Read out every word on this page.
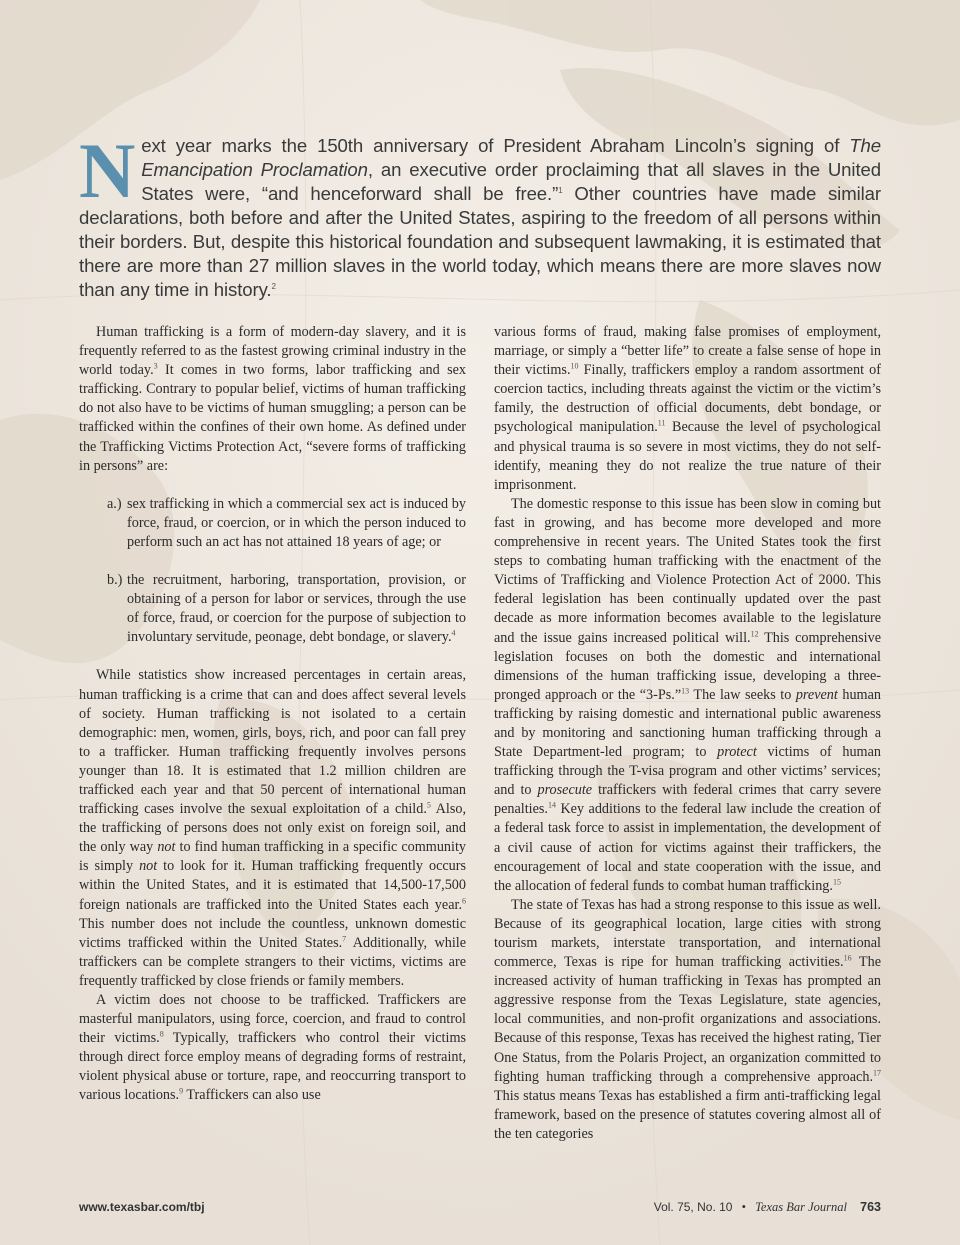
Next year marks the 150th anniversary of President Abraham Lincoln’s signing of The Emancipation Proclamation, an executive order proclaiming that all slaves in the United States were, “and henceforward shall be free.”$^1$ Other countries have made similar declarations, both before and after the United States, aspiring to the freedom of all persons within their borders. But, despite this historical foundation and subsequent lawmaking, it is estimated that there are more than 27 million slaves in the world today, which means there are more slaves now than any time in history.$^2$

Human trafficking is a form of modern-day slavery, and it is frequently referred to as the fastest growing criminal industry in the world today.$^3$ It comes in two forms, labor trafficking and sex trafficking. Contrary to popular belief, victims of human trafficking do not also have to be victims of human smuggling; a person can be trafficked within the confines of their own home. As defined under the Trafficking Victims Protection Act, “severe forms of trafficking in persons” are:

a.) sex trafficking in which a commercial sex act is induced by force, fraud, or coercion, or in which the person induced to perform such an act has not attained 18 years of age; or
b.) the recruitment, harboring, transportation, provision, or obtaining of a person for labor or services, through the use of force, fraud, or coercion for the purpose of subjection to involuntary servitude, peonage, debt bondage, or slavery.$^4$

While statistics show increased percentages in certain areas, human trafficking is a crime that can and does affect several levels of society. Human trafficking is not isolated to a certain demographic: men, women, girls, boys, rich, and poor can fall prey to a trafficker. Human trafficking frequently involves persons younger than 18. It is estimated that 1.2 million children are trafficked each year and that 50 percent of international human trafficking cases involve the sexual exploitation of a child.$^5$ Also, the trafficking of persons does not only exist on foreign soil, and the only way not to find human trafficking in a specific community is simply not to look for it. Human trafficking frequently occurs within the United States, and it is estimated that 14,500-17,500 foreign nationals are trafficked into the United States each year.$^6$ This number does not include the countless, unknown domestic victims trafficked within the United States.$^7$ Additionally, while traffickers can be complete strangers to their victims, victims are frequently trafficked by close friends or family members.

A victim does not choose to be trafficked. Traffickers are masterful manipulators, using force, coercion, and fraud to control their victims.$^8$ Typically, traffickers who control their victims through direct force employ means of degrading forms of restraint, violent physical abuse or torture, rape, and reoccurring transport to various locations.$^9$ Traffickers can also use

various forms of fraud, making false promises of employment, marriage, or simply a “better life” to create a false sense of hope in their victims.$^{10}$ Finally, traffickers employ a random assortment of coercion tactics, including threats against the victim or the victim’s family, the destruction of official documents, debt bondage, or psychological manipulation.$^{11}$ Because the level of psychological and physical trauma is so severe in most victims, they do not self-identify, meaning they do not realize the true nature of their imprisonment.

The domestic response to this issue has been slow in coming but fast in growing, and has become more developed and more comprehensive in recent years. The United States took the first steps to combating human trafficking with the enactment of the Victims of Trafficking and Violence Protection Act of 2000. This federal legislation has been continually updated over the past decade as more information becomes available to the legislature and the issue gains increased political will.$^{12}$ This comprehensive legislation focuses on both the domestic and international dimensions of the human trafficking issue, developing a three-pronged approach or the “3-Ps.”$^{13}$ The law seeks to prevent human trafficking by raising domestic and international public awareness and by monitoring and sanctioning human trafficking through a State Department-led program; to protect victims of human trafficking through the T-visa program and other victims’ services; and to prosecute traffickers with federal crimes that carry severe penalties.$^{14}$ Key additions to the federal law include the creation of a federal task force to assist in implementation, the development of a civil cause of action for victims against their traffickers, the encouragement of local and state cooperation with the issue, and the allocation of federal funds to combat human trafficking.$^{15}$

The state of Texas has had a strong response to this issue as well. Because of its geographical location, large cities with strong tourism markets, interstate transportation, and international commerce, Texas is ripe for human trafficking activities.$^{16}$ The increased activity of human trafficking in Texas has prompted an aggressive response from the Texas Legislature, state agencies, local communities, and non-profit organizations and associations. Because of this response, Texas has received the highest rating, Tier One Status, from the Polaris Project, an organization committed to fighting human trafficking through a comprehensive approach.$^{17}$ This status means Texas has established a firm anti-trafficking legal framework, based on the presence of statutes covering almost all of the ten categories

www.texasbar.com/tbj	Vol. 75, No. 10 • Texas Bar Journal 763
